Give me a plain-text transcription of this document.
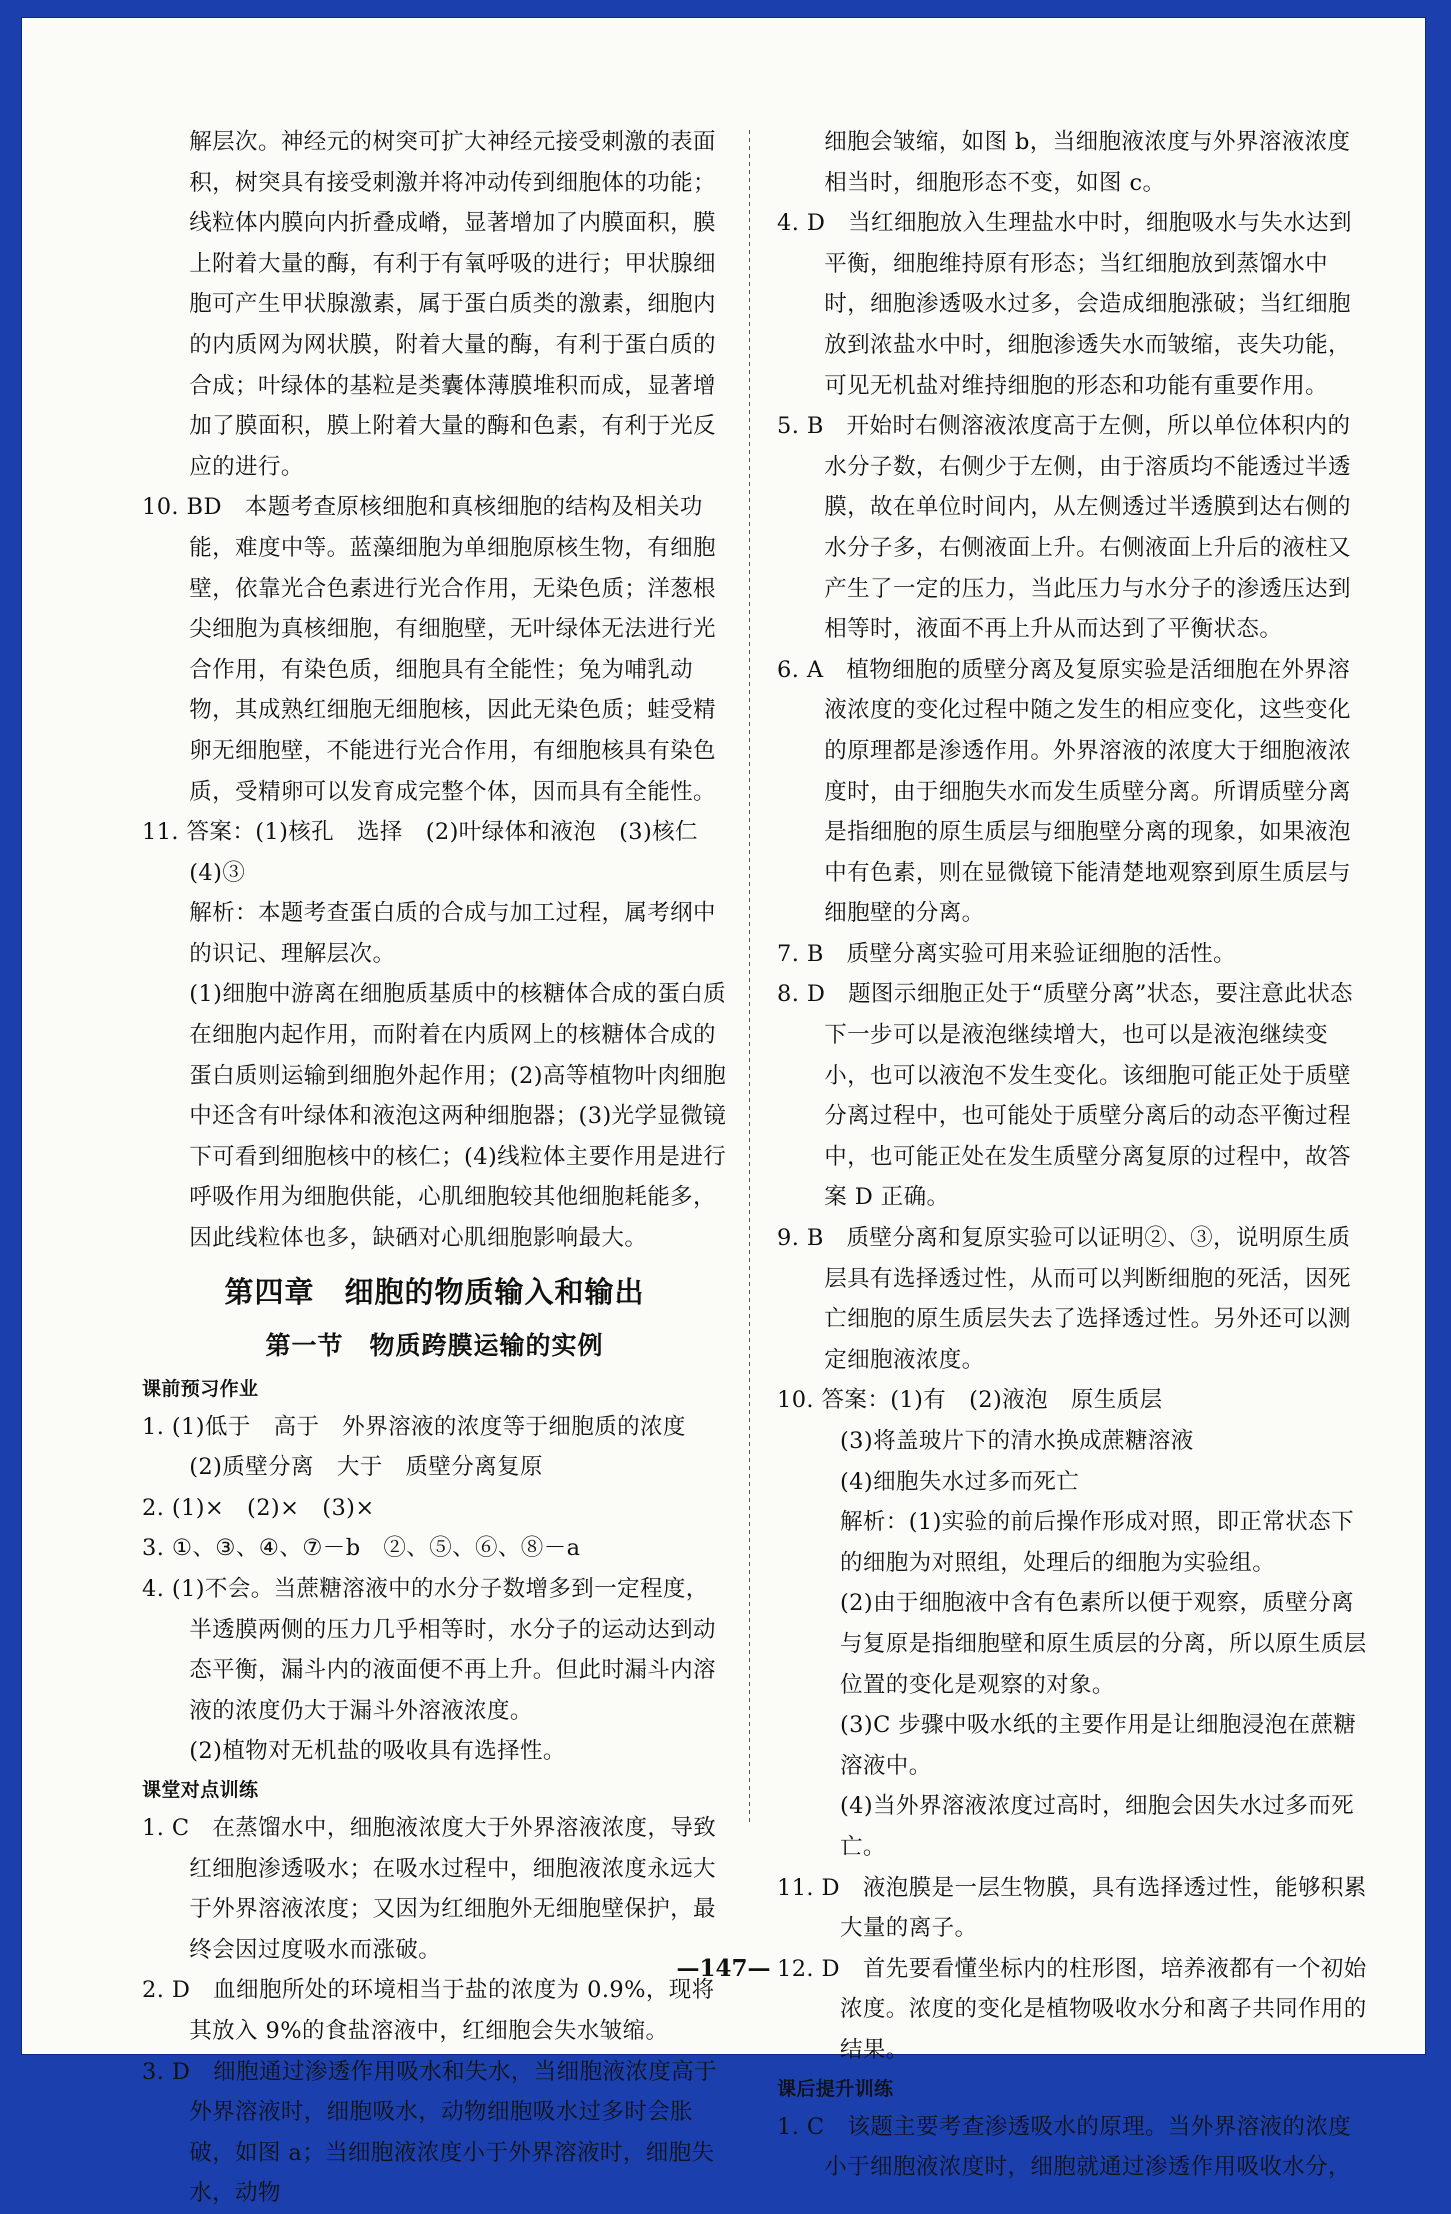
解层次。神经元的树突可扩大神经元接受刺激的表面积，树突具有接受刺激并将冲动传到细胞体的功能；线粒体内膜向内折叠成嵴，显著增加了内膜面积，膜上附着大量的酶，有利于有氧呼吸的进行；甲状腺细胞可产生甲状腺激素，属于蛋白质类的激素，细胞内的内质网为网状膜，附着大量的酶，有利于蛋白质的合成；叶绿体的基粒是类囊体薄膜堆积而成，显著增加了膜面积，膜上附着大量的酶和色素，有利于光反应的进行。
10. BD　本题考查原核细胞和真核细胞的结构及相关功能，难度中等。蓝藻细胞为单细胞原核生物，有细胞壁，依靠光合色素进行光合作用，无染色质；洋葱根尖细胞为真核细胞，有细胞壁，无叶绿体无法进行光合作用，有染色质，细胞具有全能性；兔为哺乳动物，其成熟红细胞无细胞核，因此无染色质；蛙受精卵无细胞壁，不能进行光合作用，有细胞核具有染色质，受精卵可以发育成完整个体，因而具有全能性。
11. 答案：(1)核孔　选择　(2)叶绿体和液泡　(3)核仁　(4)③
解析：本题考查蛋白质的合成与加工过程，属考纲中的识记、理解层次。
(1)细胞中游离在细胞质基质中的核糖体合成的蛋白质在细胞内起作用，而附着在内质网上的核糖体合成的蛋白质则运输到细胞外起作用；(2)高等植物叶肉细胞中还含有叶绿体和液泡这两种细胞器；(3)光学显微镜下可看到细胞核中的核仁；(4)线粒体主要作用是进行呼吸作用为细胞供能，心肌细胞较其他细胞耗能多，因此线粒体也多，缺硒对心肌细胞影响最大。
第四章　细胞的物质输入和输出
第一节　物质跨膜运输的实例
课前预习作业
1. (1)低于　高于　外界溶液的浓度等于细胞质的浓度　(2)质壁分离　大于　质壁分离复原
2. (1)×　(2)×　(3)×
3. ①、③、④、⑦－b　②、⑤、⑥、⑧－a
4. (1)不会。当蔗糖溶液中的水分子数增多到一定程度，半透膜两侧的压力几乎相等时，水分子的运动达到动态平衡，漏斗内的液面便不再上升。但此时漏斗内溶液的浓度仍大于漏斗外溶液浓度。
(2)植物对无机盐的吸收具有选择性。
课堂对点训练
1. C　在蒸馏水中，细胞液浓度大于外界溶液浓度，导致红细胞渗透吸水；在吸水过程中，细胞液浓度永远大于外界溶液浓度；又因为红细胞外无细胞壁保护，最终会因过度吸水而涨破。
2. D　血细胞所处的环境相当于盐的浓度为 0.9%，现将其放入 9%的食盐溶液中，红细胞会失水皱缩。
3. D　细胞通过渗透作用吸水和失水，当细胞液浓度高于外界溶液时，细胞吸水，动物细胞吸水过多时会胀破，如图 a；当细胞液浓度小于外界溶液时，细胞失水，动物
细胞会皱缩，如图 b，当细胞液浓度与外界溶液浓度相当时，细胞形态不变，如图 c。
4. D　当红细胞放入生理盐水中时，细胞吸水与失水达到平衡，细胞维持原有形态；当红细胞放到蒸馏水中时，细胞渗透吸水过多，会造成细胞涨破；当红细胞放到浓盐水中时，细胞渗透失水而皱缩，丧失功能，可见无机盐对维持细胞的形态和功能有重要作用。
5. B　开始时右侧溶液浓度高于左侧，所以单位体积内的水分子数，右侧少于左侧，由于溶质均不能透过半透膜，故在单位时间内，从左侧透过半透膜到达右侧的水分子多，右侧液面上升。右侧液面上升后的液柱又产生了一定的压力，当此压力与水分子的渗透压达到相等时，液面不再上升从而达到了平衡状态。
6. A　植物细胞的质壁分离及复原实验是活细胞在外界溶液浓度的变化过程中随之发生的相应变化，这些变化的原理都是渗透作用。外界溶液的浓度大于细胞液浓度时，由于细胞失水而发生质壁分离。所谓质壁分离是指细胞的原生质层与细胞壁分离的现象，如果液泡中有色素，则在显微镜下能清楚地观察到原生质层与细胞壁的分离。
7. B　质壁分离实验可用来验证细胞的活性。
8. D　题图示细胞正处于“质壁分离”状态，要注意此状态下一步可以是液泡继续增大，也可以是液泡继续变小，也可以液泡不发生变化。该细胞可能正处于质壁分离过程中，也可能处于质壁分离后的动态平衡过程中，也可能正处在发生质壁分离复原的过程中，故答案 D 正确。
9. B　质壁分离和复原实验可以证明②、③，说明原生质层具有选择透过性，从而可以判断细胞的死活，因死亡细胞的原生质层失去了选择透过性。另外还可以测定细胞液浓度。
10. 答案：(1)有　(2)液泡　原生质层
(3)将盖玻片下的清水换成蔗糖溶液
(4)细胞失水过多而死亡
解析：(1)实验的前后操作形成对照，即正常状态下的细胞为对照组，处理后的细胞为实验组。
(2)由于细胞液中含有色素所以便于观察，质壁分离与复原是指细胞壁和原生质层的分离，所以原生质层位置的变化是观察的对象。
(3)C 步骤中吸水纸的主要作用是让细胞浸泡在蔗糖溶液中。
(4)当外界溶液浓度过高时，细胞会因失水过多而死亡。
11. D　液泡膜是一层生物膜，具有选择透过性，能够积累大量的离子。
12. D　首先要看懂坐标内的柱形图，培养液都有一个初始浓度。浓度的变化是植物吸收水分和离子共同作用的结果。
课后提升训练
1. C　该题主要考查渗透吸水的原理。当外界溶液的浓度小于细胞液浓度时，细胞就通过渗透作用吸收水分，
—147—
